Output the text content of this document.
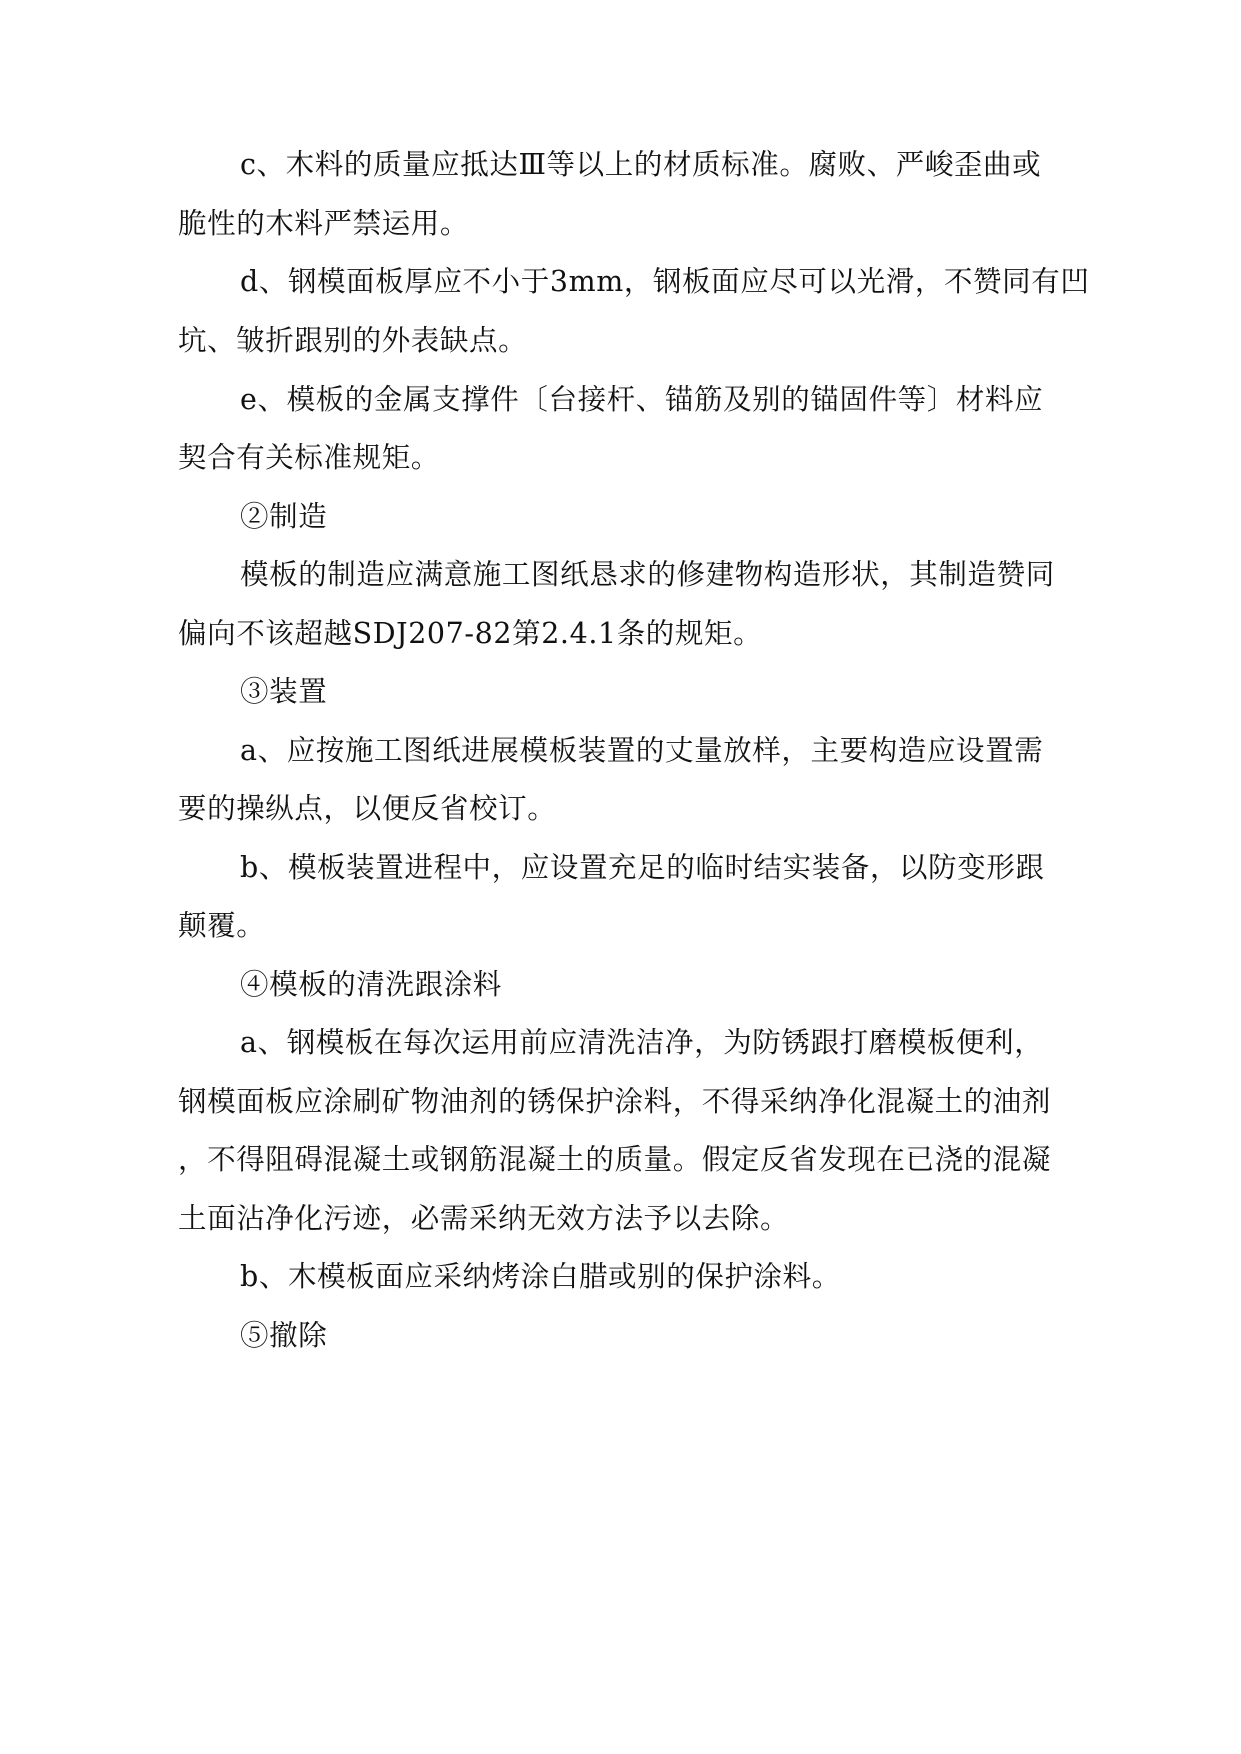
c、木料的质量应抵达Ⅲ等以上的材质标准。腐败、严峻歪曲或
脆性的木料严禁运用。
d、钢模面板厚应不小于3mm，钢板面应尽可以光滑，不赞同有凹
坑、皱折跟别的外表缺点。
e、模板的金属支撑件〔台接杆、锚筋及别的锚固件等〕材料应
契合有关标准规矩。
②制造
模板的制造应满意施工图纸恳求的修建物构造形状，其制造赞同
偏向不该超越SDJ207-82第2.4.1条的规矩。
③装置
a、应按施工图纸进展模板装置的丈量放样，主要构造应设置需
要的操纵点，以便反省校订。
b、模板装置进程中，应设置充足的临时结实装备，以防变形跟
颠覆。
④模板的清洗跟涂料
a、钢模板在每次运用前应清洗洁净，为防锈跟打磨模板便利，
钢模面板应涂刷矿物油剂的锈保护涂料，不得采纳净化混凝土的油剂
，不得阻碍混凝土或钢筋混凝土的质量。假定反省发现在已浇的混凝
土面沾净化污迹，必需采纳无效方法予以去除。
b、木模板面应采纳烤涂白腊或别的保护涂料。
⑤撤除
